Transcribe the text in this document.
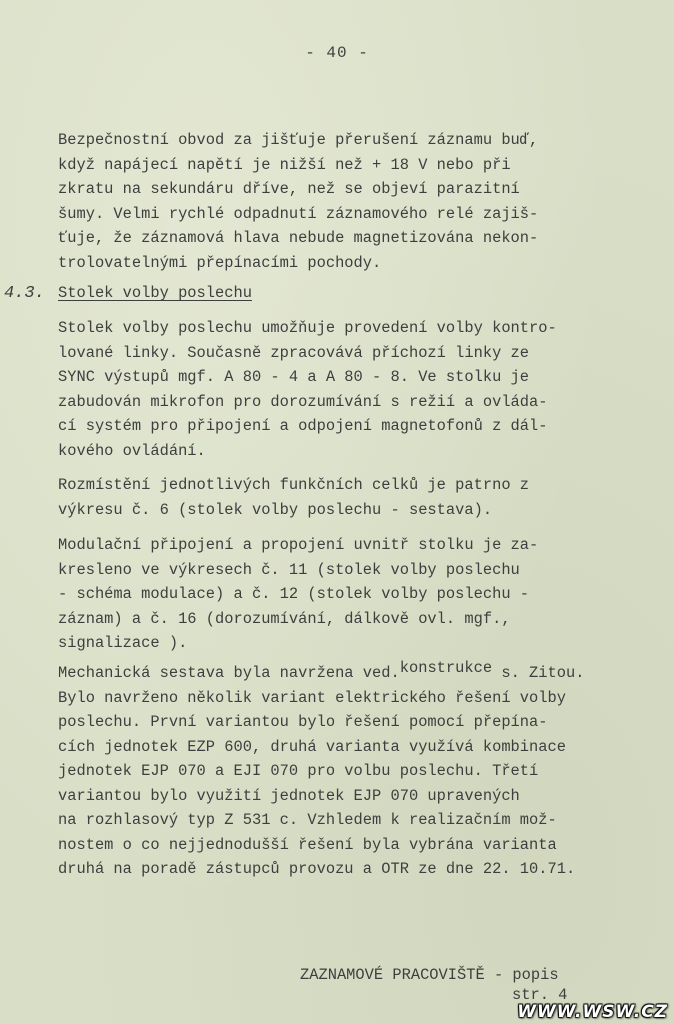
- 40 -

Bezpečnostní obvod za jišťuje přerušení záznamu buď,
když napájecí napětí je nižší než + 18 V nebo při
zkratu na sekundáru dříve, než se objeví parazitní
šumy. Velmi rychlé odpadnutí záznamového relé zajiš-
ťuje, že záznamová hlava nebude magnetizována nekon-
trolovatelnými přepínacími pochody.

4.3. Stolek volby poslechu

Stolek volby poslechu umožňuje provedení volby kontro-
lované linky. Současně zpracovává příchozí linky ze
SYNC výstupů mgf. A 80 - 4 a A 80 - 8. Ve stolku je
zabudován mikrofon pro dorozumívání s režií a ovláda-
cí systém pro připojení a odpojení magnetofonů z dál-
kového ovládání.

Rozmístění jednotlivých funkčních celků je patrno z
výkresu č. 6 (stolek volby poslechu - sestava).

Modulační připojení a propojení uvnitř stolku je za-
kresleno ve výkresech č. 11 (stolek volby poslechu
- schéma modulace) a č. 12 (stolek volby poslechu -
záznam) a č. 16 (dorozumívání, dálkově ovl. mgf.,
signalizace ).

Mechanická sestava byla navržena ved.konstrukce s. Zitou.
Bylo navrženo několik variant elektrického řešení volby
poslechu. První variantou bylo řešení pomocí přepína-
cích jednotek EZP 600, druhá varianta využívá kombinace
jednotek EJP 070 a EJI 070 pro volbu poslechu. Třetí
variantou bylo využití jednotek EJP 070 upravených
na rozhlasový typ Z 531 c. Vzhledem k realizačním mož-
nostem o co nejjednodušší řešení byla vybrána varianta
druhá na poradě zástupců provozu a OTR ze dne 22. 10.71.

ZAZNAMOVÉ PRACOVIŠTĚ - popis
str. 4
WWW.WSW.CZ
